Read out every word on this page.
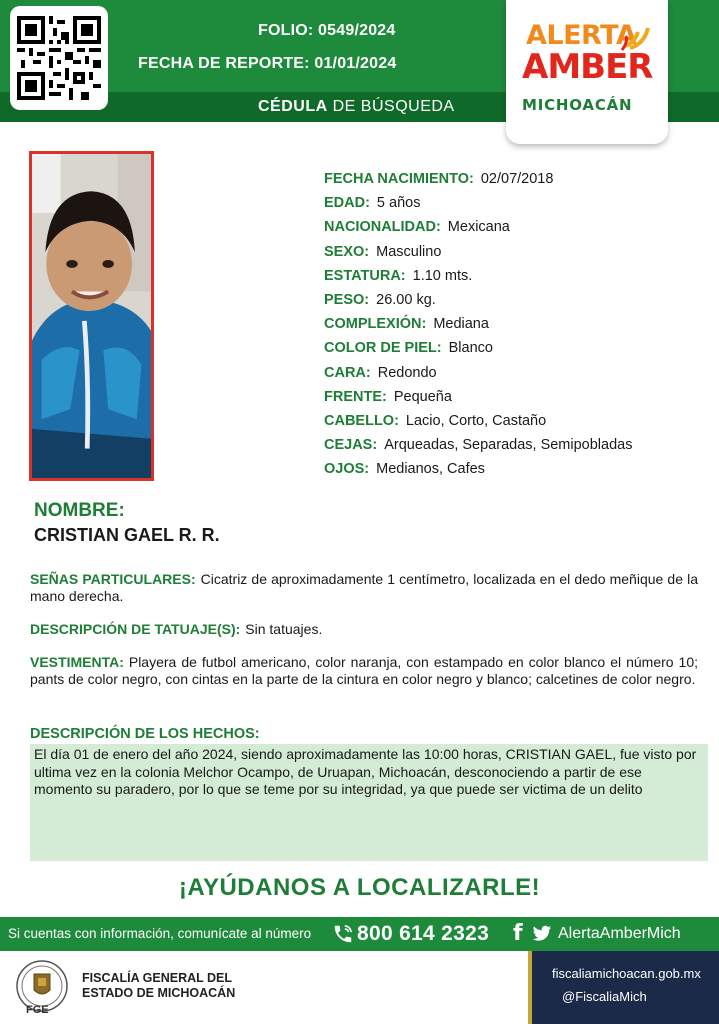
FOLIO: 0549/2024
FECHA DE REPORTE: 01/01/2024
CÉDULA DE BÚSQUEDA
ALERTA
AMBER
MICHOACÁN
FECHA NACIMIENTO: 02/07/2018
EDAD: 5 años
NACIONALIDAD: Mexicana
SEXO: Masculino
ESTATURA: 1.10 mts.
PESO: 26.00 kg.
COMPLEXIÓN: Mediana
COLOR DE PIEL: Blanco
CARA: Redondo
FRENTE: Pequeña
CABELLO: Lacio, Corto, Castaño
CEJAS: Arqueadas, Separadas, Semipobladas
OJOS: Medianos, Cafes
NOMBRE:
CRISTIAN GAEL R. R.
SEÑAS PARTICULARES: Cicatriz de aproximadamente 1 centímetro, localizada en el dedo meñique de la mano derecha.
DESCRIPCIÓN DE TATUAJE(S): Sin tatuajes.
VESTIMENTA: Playera de futbol americano, color naranja, con estampado en color blanco el número 10; pants de color negro, con cintas en la parte de la cintura en color negro y blanco; calcetines de color negro.
DESCRIPCIÓN DE LOS HECHOS:
El día 01 de enero del año 2024, siendo aproximadamente las 10:00 horas, CRISTIAN GAEL, fue visto por ultima vez en la colonia Melchor Ocampo, de Uruapan, Michoacán, desconociendo a partir de ese momento su paradero, por lo que se teme por su integridad, ya que puede ser victima de un delito
¡AYÚDANOS A LOCALIZARLE!
Si cuentas con información, comunícate al número 800 614 2323 f AlertaAmberMich
FGE
FISCALÍA GENERAL DEL
ESTADO DE MICHOACÁN
fiscaliamichoacan.gob.mx
@FiscaliaMich
